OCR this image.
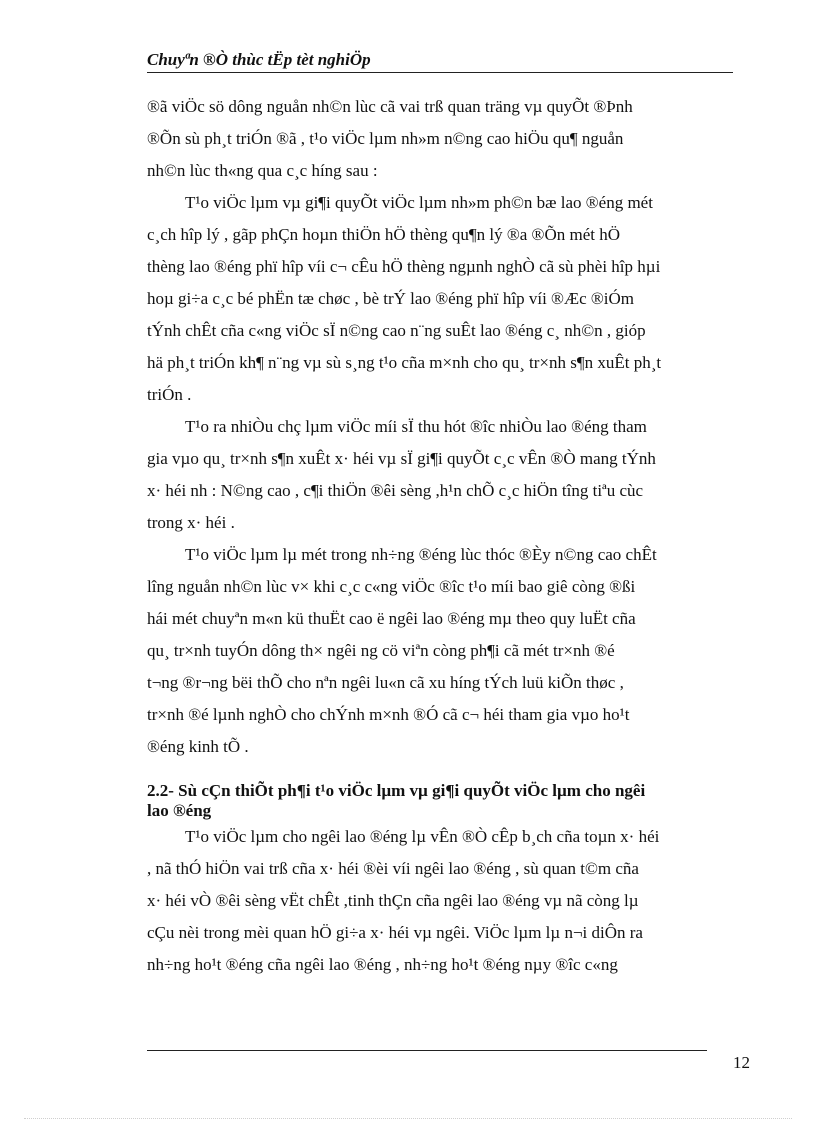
Chuyªn ®Ò thùc tËp tèt nghiÖp

®ã viÖc sö dông nguån nh©n lùc cã vai trß quan träng vµ quyÕt ®Þnh
®Õn sù ph¸t triÓn ®ã , t¹o viÖc lµm nh»m n©ng cao hiÖu qu¶ nguån
nh©n lùc th«ng qua c¸c híng sau :

T¹o viÖc lµm vµ gi¶i quyÕt viÖc lµm nh»m ph©n bæ lao ®éng mét
c¸ch hîp lý , gãp phÇn hoµn thiÖn hÖ thèng qu¶n lý ®a ®Õn mét hÖ
thèng lao ®éng phï hîp víi c¬ cÊu hÖ thèng ngµnh nghÒ cã sù phèi hîp hµi
hoµ gi÷a c¸c bé phËn tæ chøc , bè trÝ lao ®éng phï hîp víi ®Æc ®iÓm
tÝnh chÊt cña c«ng viÖc sÏ n©ng cao n¨ng suÊt lao ®éng c¸ nh©n , gióp
hä ph¸t triÓn kh¶ n¨ng vµ sù s¸ng t¹o cña m×nh cho qu¸ tr×nh s¶n xuÊt ph¸t
triÓn .

T¹o ra nhiÒu chç lµm viÖc míi sÏ thu hót ®îc nhiÒu lao ®éng tham
gia vµo qu¸ tr×nh s¶n xuÊt x· héi vµ sÏ gi¶i quyÕt c¸c vÊn ®Ò mang tÝnh
x· héi nh : N©ng cao , c¶i thiÖn ®êi sèng ,h¹n chÕ c¸c hiÖn tîng tiªu cùc
trong x· héi .

T¹o viÖc lµm lµ mét trong nh÷ng ®éng lùc thóc ®Èy n©ng cao chÊt
lîng nguån nh©n lùc v× khi c¸c c«ng viÖc ®îc t¹o míi bao giê còng ®ßi
hái mét chuyªn m«n kü thuËt cao ë ngêi lao ®éng mµ theo quy luËt cña
qu¸ tr×nh tuyÓn dông th× ngêi ng cö viªn còng ph¶i cã mét tr×nh ®é
t¬ng ®r¬ng bëi thÕ cho nªn ngêi lu«n cã xu híng tÝch luü kiÕn thøc ,
tr×nh ®é lµnh nghÒ cho chÝnh m×nh ®Ó cã c¬ héi tham gia vµo ho¹t
®éng kinh tÕ .

2.2- Sù cÇn thiÕt ph¶i t¹o viÖc lµm vµ gi¶i quyÕt viÖc lµm cho ngêi
lao ®éng

T¹o viÖc lµm cho ngêi lao ®éng lµ vÊn ®Ò cÊp b¸ch cña toµn x· héi
, nã thÓ hiÖn vai trß cña x· héi ®èi víi ngêi lao ®éng , sù quan t©m cña
x· héi vÒ ®êi sèng vËt chÊt ,tinh thÇn cña ngêi lao ®éng vµ nã còng lµ
cÇu nèi trong mèi quan hÖ gi÷a x· héi vµ ngêi. ViÖc lµm lµ n¬i diÔn ra
nh÷ng ho¹t ®éng cña ngêi lao ®éng , nh÷ng ho¹t ®éng nµy ®îc c«ng

12
